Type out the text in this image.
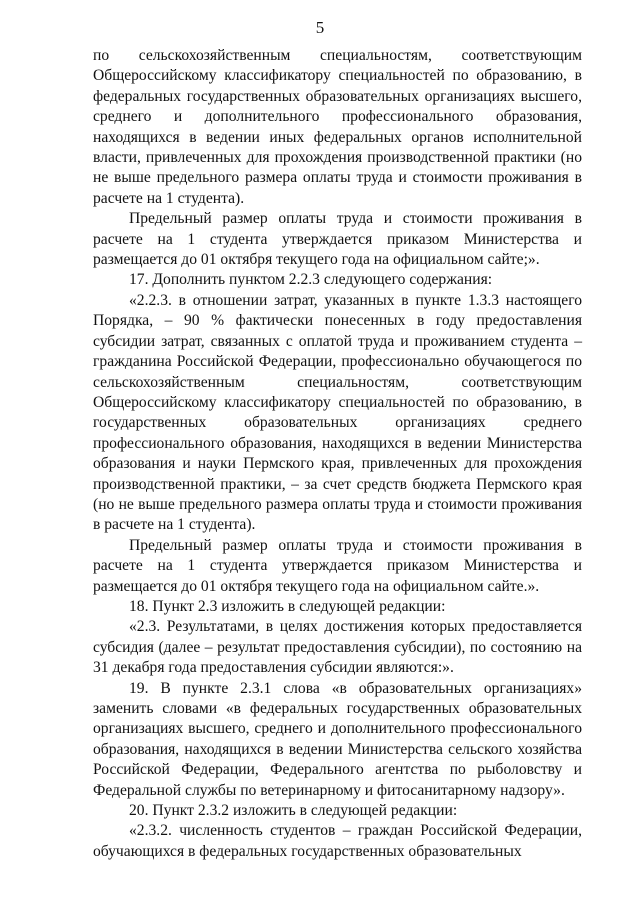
5

по сельскохозяйственным специальностям, соответствующим Общероссийскому классификатору специальностей по образованию, в федеральных государственных образовательных организациях высшего, среднего и дополнительного профессионального образования, находящихся в ведении иных федеральных органов исполнительной власти, привлеченных для прохождения производственной практики (но не выше предельного размера оплаты труда и стоимости проживания в расчете на 1 студента).

Предельный размер оплаты труда и стоимости проживания в расчете на 1 студента утверждается приказом Министерства и размещается до 01 октября текущего года на официальном сайте;».

17. Дополнить пунктом 2.2.3 следующего содержания:

«2.2.3. в отношении затрат, указанных в пункте 1.3.3 настоящего Порядка, – 90 % фактически понесенных в году предоставления субсидии затрат, связанных с оплатой труда и проживанием студента – гражданина Российской Федерации, профессионально обучающегося по сельскохозяйственным специальностям, соответствующим Общероссийскому классификатору специальностей по образованию, в государственных образовательных организациях среднего профессионального образования, находящихся в ведении Министерства образования и науки Пермского края, привлеченных для прохождения производственной практики, – за счет средств бюджета Пермского края (но не выше предельного размера оплаты труда и стоимости проживания в расчете на 1 студента).

Предельный размер оплаты труда и стоимости проживания в расчете на 1 студента утверждается приказом Министерства и размещается до 01 октября текущего года на официальном сайте.».

18. Пункт 2.3 изложить в следующей редакции:

«2.3. Результатами, в целях достижения которых предоставляется субсидия (далее – результат предоставления субсидии), по состоянию на 31 декабря года предоставления субсидии являются:».

19. В пункте 2.3.1 слова «в образовательных организациях» заменить словами «в федеральных государственных образовательных организациях высшего, среднего и дополнительного профессионального образования, находящихся в ведении Министерства сельского хозяйства Российской Федерации, Федерального агентства по рыболовству и Федеральной службы по ветеринарному и фитосанитарному надзору».

20. Пункт 2.3.2 изложить в следующей редакции:

«2.3.2. численность студентов – граждан Российской Федерации, обучающихся в федеральных государственных образовательных
